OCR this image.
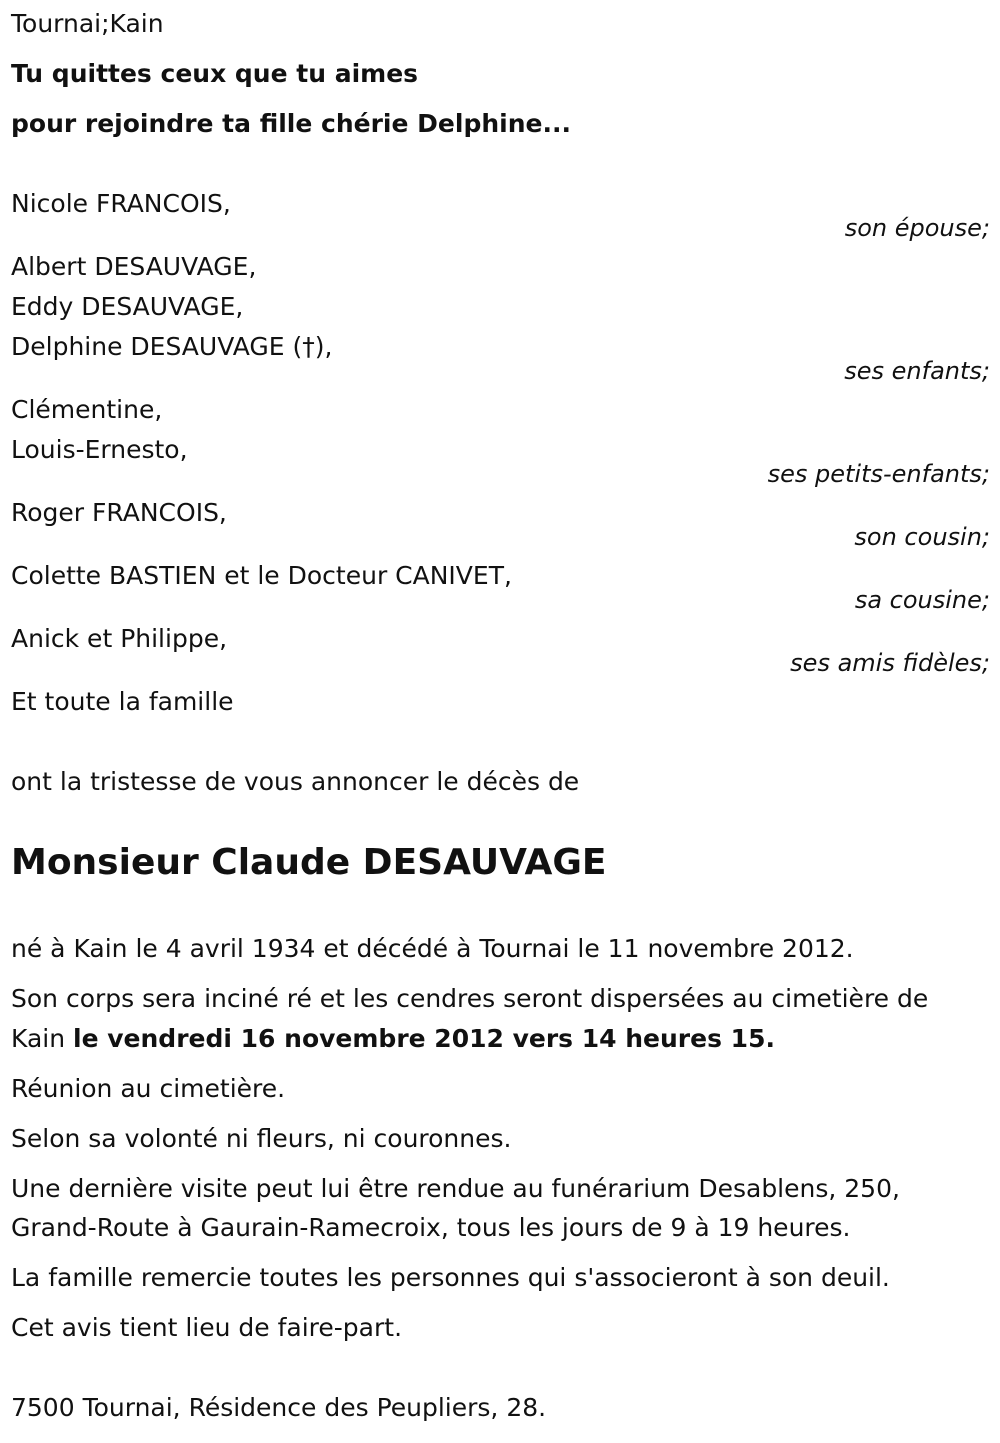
Tournai;Kain
Tu quittes ceux que tu aimes
pour rejoindre ta fille chérie Delphine...
Nicole FRANCOIS,
son épouse;
Albert DESAUVAGE,
Eddy DESAUVAGE,
Delphine DESAUVAGE (†),
ses enfants;
Clémentine,
Louis-Ernesto,
ses petits-enfants;
Roger FRANCOIS,
son cousin;
Colette BASTIEN et le Docteur CANIVET,
sa cousine;
Anick et Philippe,
ses amis fidèles;
Et toute la famille
ont la tristesse de vous annoncer le décès de
Monsieur Claude DESAUVAGE
né à Kain le 4 avril 1934 et décédé à Tournai le 11 novembre 2012.
Son corps sera inciné ré et les cendres seront dispersées au cimetière de
Kain le vendredi 16 novembre 2012 vers 14 heures 15.
Réunion au cimetière.
Selon sa volonté ni fleurs, ni couronnes.
Une dernière visite peut lui être rendue au funérarium Desablens, 250,
Grand-Route à Gaurain-Ramecroix, tous les jours de 9 à 19 heures.
La famille remercie toutes les personnes qui s'associeront à son deuil.
Cet avis tient lieu de faire-part.
7500 Tournai, Résidence des Peupliers, 28.
